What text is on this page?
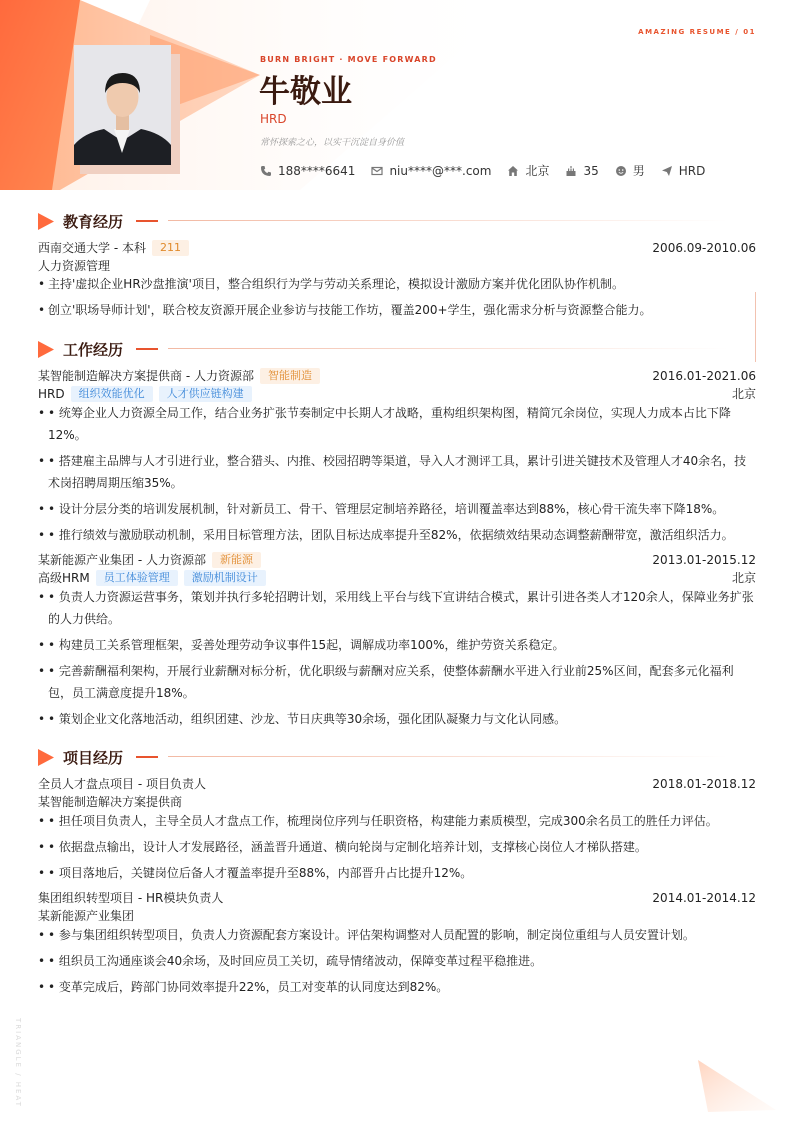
AMAZING RESUME / 01
BURN BRIGHT · MOVE FORWARD
牛敬业
HRD
常怀探索之心，以实干沉淀自身价值
188****6641	niu****@***.com	北京	35	男	HRD
教育经历
西南交通大学 - 本科	211	2006.09-2010.06
人力资源管理
• 主持'虚拟企业HR沙盘推演'项目，整合组织行为学与劳动关系理论，模拟设计激励方案并优化团队协作机制。
• 创立'职场导师计划'，联合校友资源开展企业参访与技能工作坊，覆盖200+学生，强化需求分析与资源整合能力。
工作经历
某智能制造解决方案提供商 - 人力资源部	智能制造	2016.01-2021.06
HRD	组织效能优化	人才供应链构建	北京
• • 统筹企业人力资源全局工作，结合业务扩张节奏制定中长期人才战略，重构组织架构图，精简冗余岗位，实现人力成本占比下降12%。
• • 搭建雇主品牌与人才引进行业，整合猎头、内推、校园招聘等渠道，导入人才测评工具，累计引进关键技术及管理人才40余名，技术岗招聘周期压缩35%。
• • 设计分层分类的培训发展机制，针对新员工、骨干、管理层定制培养路径，培训覆盖率达到88%，核心骨干流失率下降18%。
• • 推行绩效与激励联动机制，采用目标管理方法，团队目标达成率提升至82%，依据绩效结果动态调整薪酬带宽，激活组织活力。
某新能源产业集团 - 人力资源部	新能源	2013.01-2015.12
高级HRM	员工体验管理	激励机制设计	北京
• • 负责人力资源运营事务，策划并执行多轮招聘计划，采用线上平台与线下宣讲结合模式，累计引进各类人才120余人，保障业务扩张的人力供给。
• • 构建员工关系管理框架，妥善处理劳动争议事件15起，调解成功率100%，维护劳资关系稳定。
• • 完善薪酬福利架构，开展行业薪酬对标分析，优化职级与薪酬对应关系，使整体薪酬水平进入行业前25%区间，配套多元化福利包，员工满意度提升18%。
• • 策划企业文化落地活动，组织团建、沙龙、节日庆典等30余场，强化团队凝聚力与文化认同感。
项目经历
全员人才盘点项目 - 项目负责人	2018.01-2018.12
某智能制造解决方案提供商
• • 担任项目负责人，主导全员人才盘点工作，梳理岗位序列与任职资格，构建能力素质模型，完成300余名员工的胜任力评估。
• • 依据盘点输出，设计人才发展路径，涵盖晋升通道、横向轮岗与定制化培养计划，支撑核心岗位人才梯队搭建。
• • 项目落地后，关键岗位后备人才覆盖率提升至88%，内部晋升占比提升12%。
集团组织转型项目 - HR模块负责人	2014.01-2014.12
某新能源产业集团
• • 参与集团组织转型项目，负责人力资源配套方案设计。评估架构调整对人员配置的影响，制定岗位重组与人员安置计划。
• • 组织员工沟通座谈会40余场，及时回应员工关切，疏导情绪波动，保障变革过程平稳推进。
• • 变革完成后，跨部门协同效率提升22%，员工对变革的认同度达到82%。
TRIANGLE / HEAT
